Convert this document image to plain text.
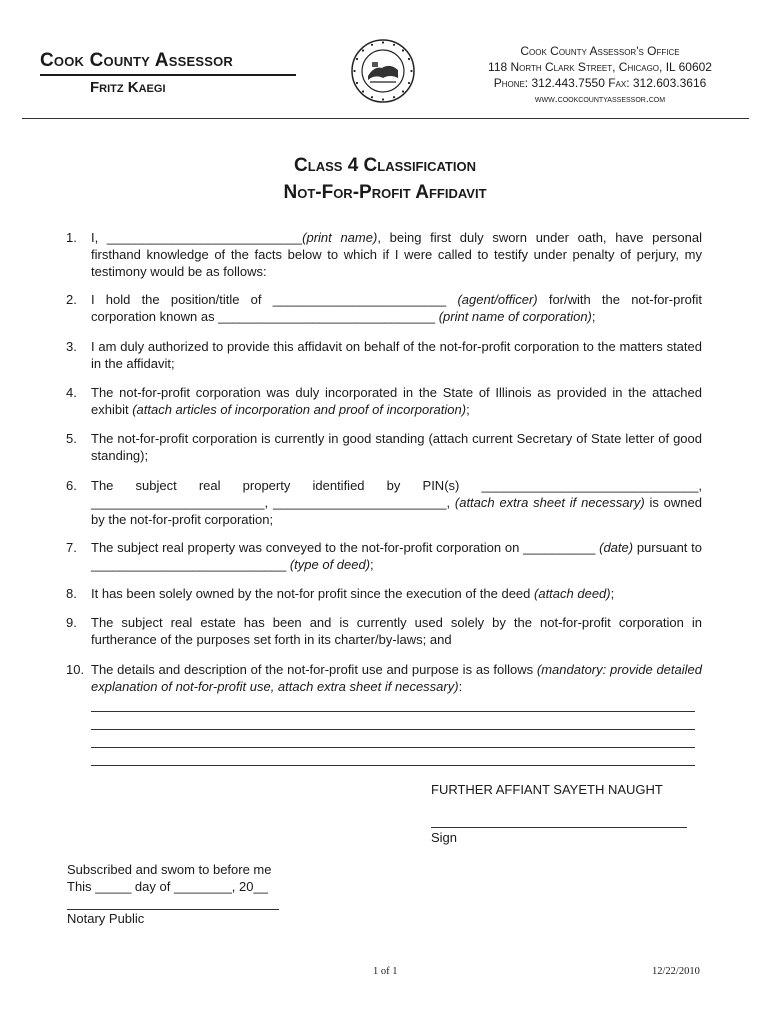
Cook County Assessor
Fritz Kaegi
Cook County Assessor's Office
118 North Clark Street, Chicago, IL 60602
Phone: 312.443.7550 Fax: 312.603.3616
www.cookcountyassessor.com
Class 4 Classification
Not-For-Profit Affidavit
1. I, ___________________________(print name), being first duly sworn under oath, have personal firsthand knowledge of the facts below to which if I were called to testify under penalty of perjury, my testimony would be as follows:
2. I hold the position/title of ________________________ (agent/officer) for/with the not-for-profit corporation known as ______________________________ (print name of corporation);
3. I am duly authorized to provide this affidavit on behalf of the not-for-profit corporation to the matters stated in the affidavit;
4. The not-for-profit corporation was duly incorporated in the State of Illinois as provided in the attached exhibit (attach articles of incorporation and proof of incorporation);
5. The not-for-profit corporation is currently in good standing (attach current Secretary of State letter of good standing);
6. The subject real property identified by PIN(s) ______________________________, ________________________, ________________________, (attach extra sheet if necessary) is owned by the not-for-profit corporation;
7. The subject real property was conveyed to the not-for-profit corporation on __________ (date) pursuant to ___________________________ (type of deed);
8. It has been solely owned by the not-for profit since the execution of the deed (attach deed);
9. The subject real estate has been and is currently used solely by the not-for-profit corporation in furtherance of the purposes set forth in its charter/by-laws; and
10. The details and description of the not-for-profit use and purpose is as follows (mandatory: provide detailed explanation of not-for-profit use, attach extra sheet if necessary):
FURTHER AFFIANT SAYETH NAUGHT
Sign
Subscribed and swom to before me
This _____ day of ________, 20__
Notary Public
1 of 1	12/22/2010
